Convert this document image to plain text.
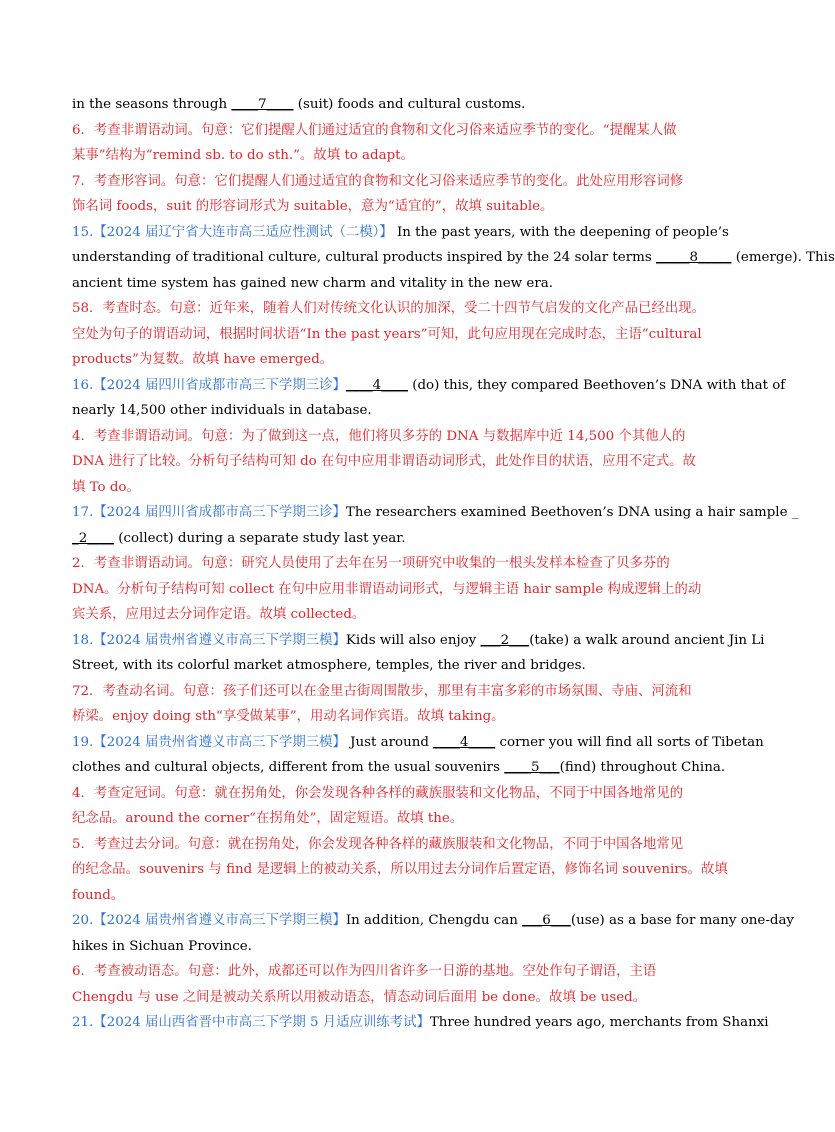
in the seasons through ____7____ (suit) foods and cultural customs.
6．考查非谓语动词。句意：它们提醒人们通过适宜的食物和文化习俗来适应季节的变化。“提醒某人做
某事”结构为“remind sb. to do sth.”。故填 to adapt。
7．考查形容词。句意：它们提醒人们通过适宜的食物和文化习俗来适应季节的变化。此处应用形容词修
饰名词 foods，suit 的形容词形式为 suitable，意为“适宜的”，故填 suitable。
15.【2024 届辽宁省大连市高三适应性测试（二模）】 In the past years, with the deepening of people’s
understanding of traditional culture, cultural products inspired by the 24 solar terms _____8_____ (emerge). This
ancient time system has gained new charm and vitality in the new era.
58．考查时态。句意：近年来，随着人们对传统文化认识的加深，受二十四节气启发的文化产品已经出现。
空处为句子的谓语动词，根据时间状语“In the past years”可知，此句应用现在完成时态，主语“cultural
products”为复数。故填 have emerged。
16.【2024 届四川省成都市高三下学期三诊】____4____ (do) this, they compared Beethoven’s DNA with that of
nearly 14,500 other individuals in database.
4．考查非谓语动词。句意：为了做到这一点，他们将贝多芬的 DNA 与数据库中近 14,500 个其他人的
DNA 进行了比较。分析句子结构可知 do 在句中应用非谓语动词形式，此处作目的状语，应用不定式。故
填 To do。
17.【2024 届四川省成都市高三下学期三诊】The researchers examined Beethoven’s DNA using a hair sample _
_2____ (collect) during a separate study last year.
2．考查非谓语动词。句意：研究人员使用了去年在另一项研究中收集的一根头发样本检查了贝多芬的
DNA。分析句子结构可知 collect 在句中应用非谓语动词形式，与逻辑主语 hair sample 构成逻辑上的动
宾关系，应用过去分词作定语。故填 collected。
18.【2024 届贵州省遵义市高三下学期三模】Kids will also enjoy ___2___(take) a walk around ancient Jin Li
Street, with its colorful market atmosphere, temples, the river and bridges.
72．考查动名词。句意：孩子们还可以在金里古街周围散步，那里有丰富多彩的市场氛围、寺庙、河流和
桥梁。enjoy doing sth“享受做某事”，用动名词作宾语。故填 taking。
19.【2024 届贵州省遵义市高三下学期三模】 Just around ____4____ corner you will find all sorts of Tibetan
clothes and cultural objects, different from the usual souvenirs ____5___(find) throughout China.
4．考查定冠词。句意：就在拐角处，你会发现各种各样的藏族服装和文化物品，不同于中国各地常见的
纪念品。around the corner“在拐角处”，固定短语。故填 the。
5．考查过去分词。句意：就在拐角处，你会发现各种各样的藏族服装和文化物品，不同于中国各地常见
的纪念品。souvenirs 与 find 是逻辑上的被动关系，所以用过去分词作后置定语，修饰名词 souvenirs。故填
found。
20.【2024 届贵州省遵义市高三下学期三模】In addition, Chengdu can ___6___(use) as a base for many one-day
hikes in Sichuan Province.
6．考查被动语态。句意：此外，成都还可以作为四川省许多一日游的基地。空处作句子谓语，主语
Chengdu 与 use 之间是被动关系所以用被动语态，情态动词后面用 be done。故填 be used。
21.【2024 届山西省晋中市高三下学期 5 月适应训练考试】Three hundred years ago, merchants from Shanxi
